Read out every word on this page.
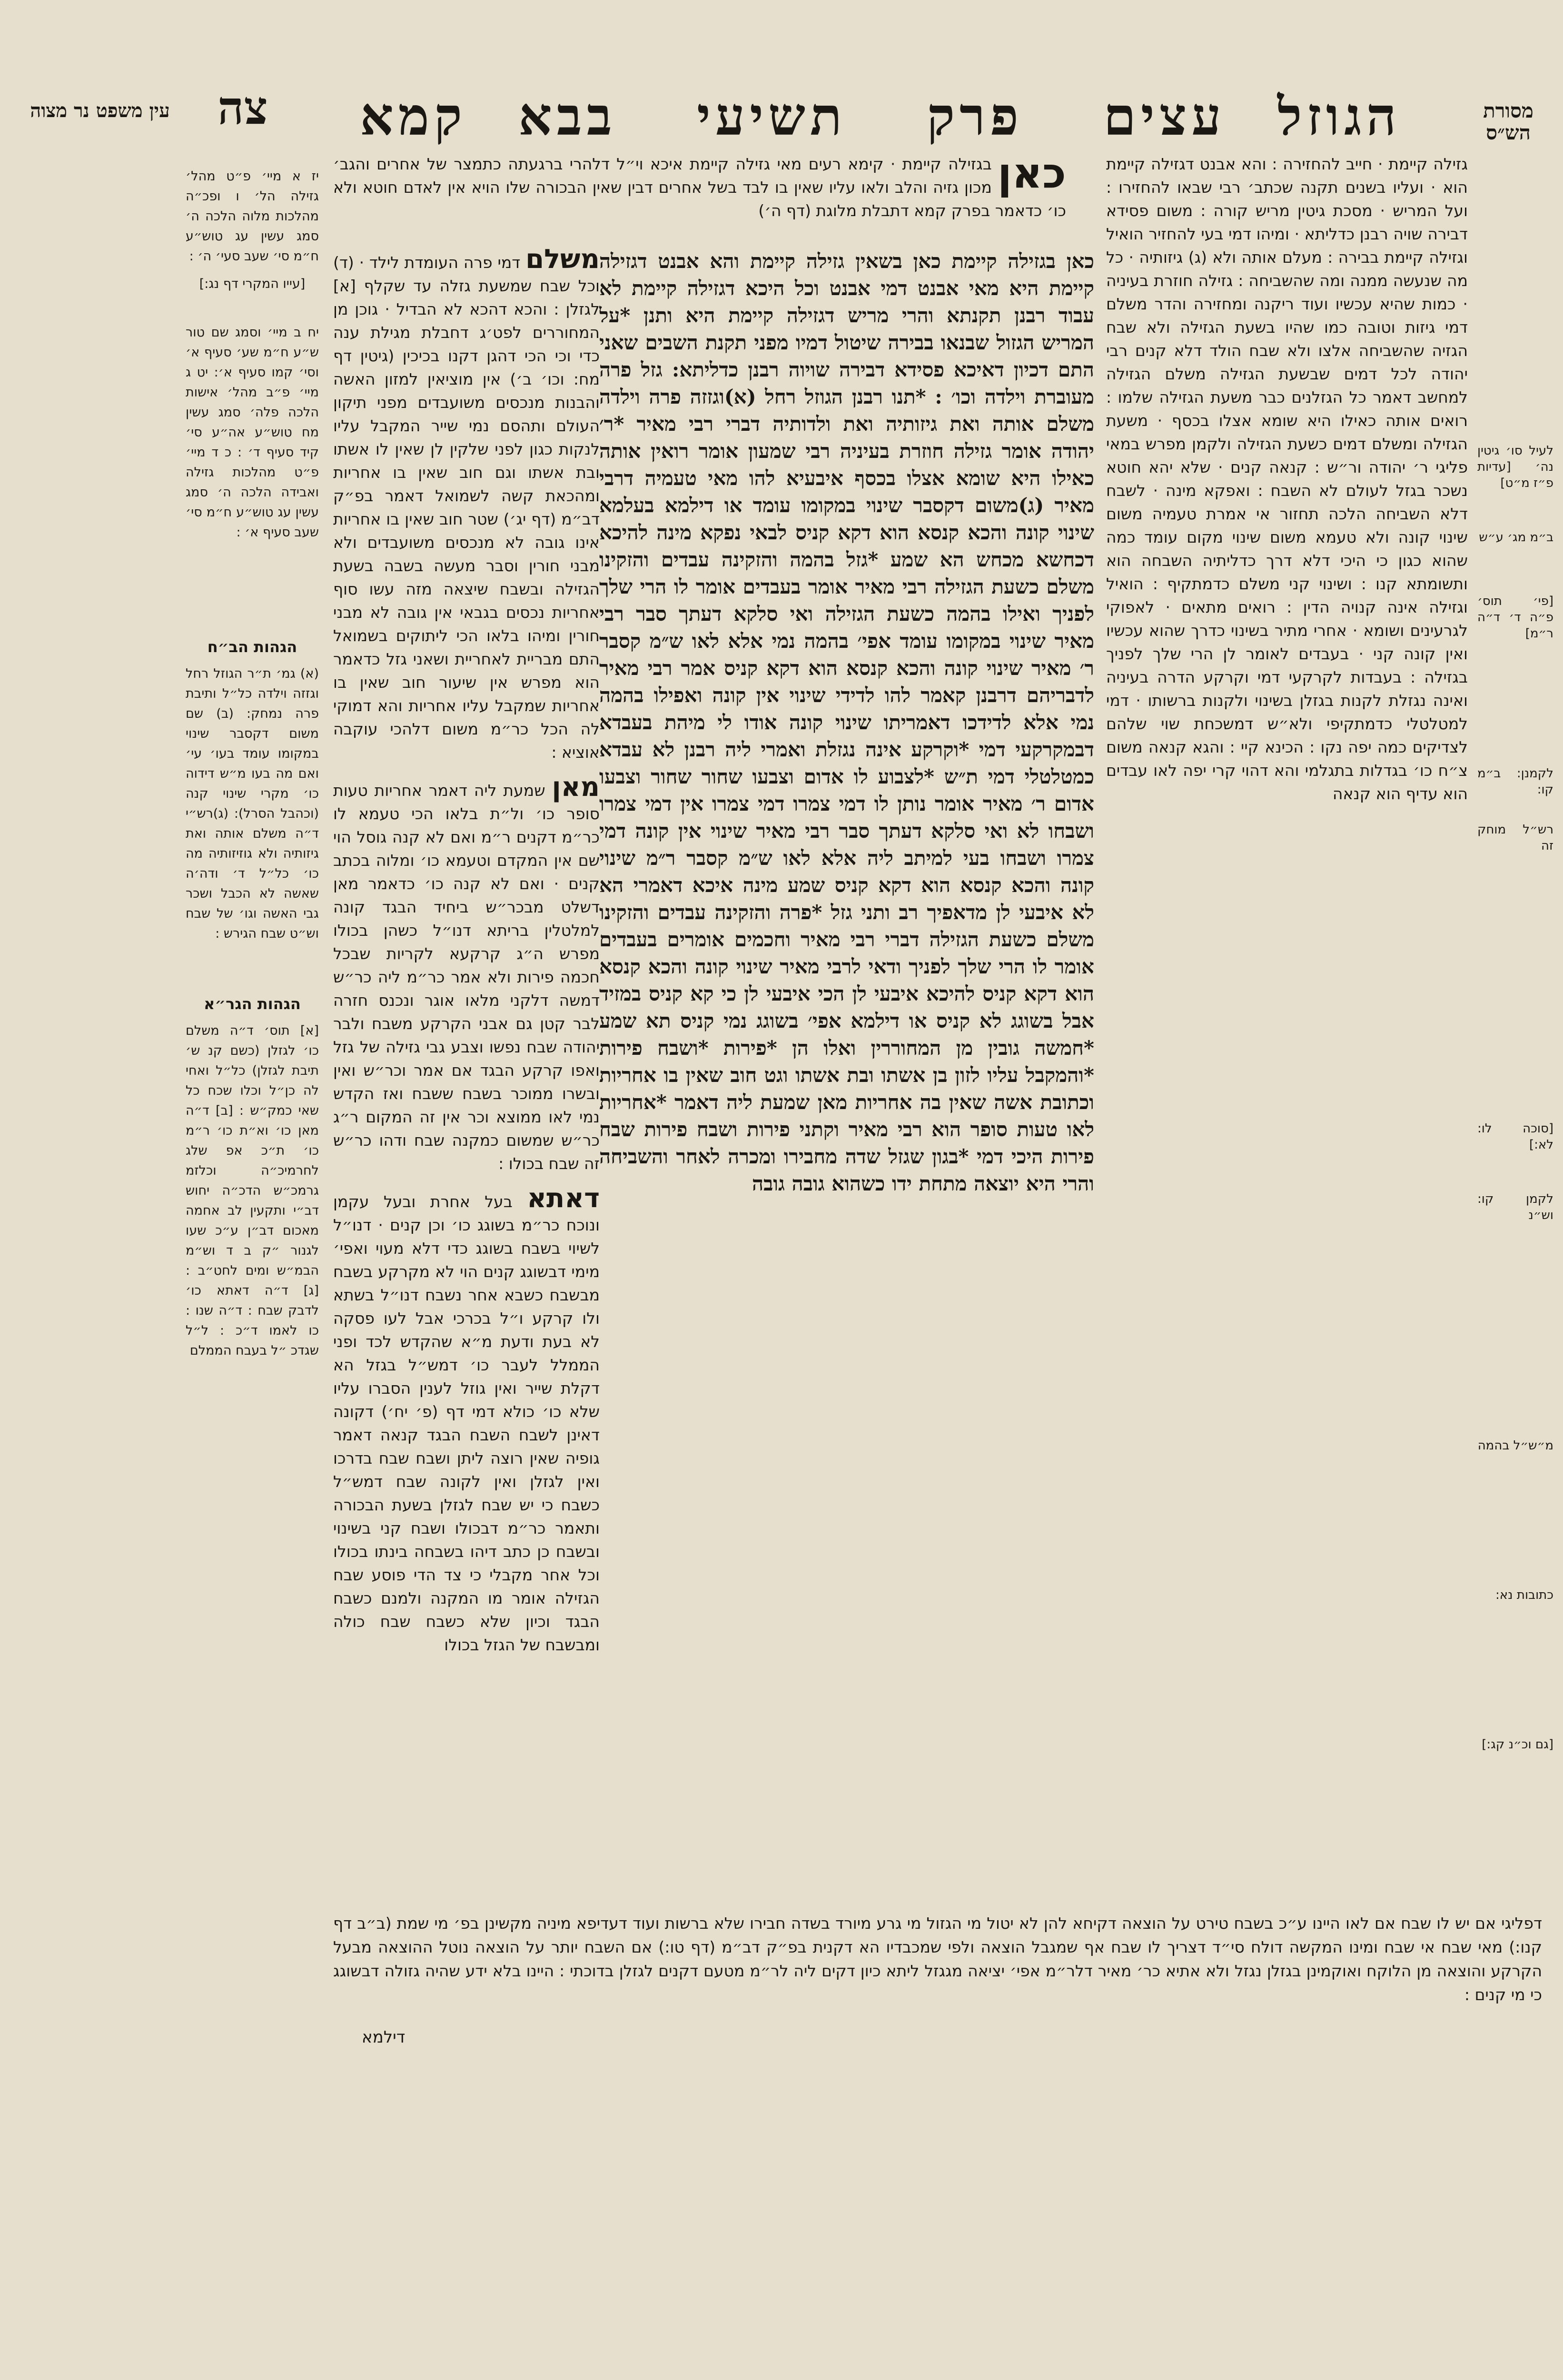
מסורת הש״ס
הגוזל עצים פרק תשיעי בבא קמא
צה
עין משפט נר מצוה
לעיל סו׳ גיטין נה׳ [עדיות פ״ז מ״ט]
ב״מ מג׳ ע״ש
[פי׳ תוס׳ פ״ה ד׳ ד״ה ר״מ]
לקמנן: ב״מ קו:
רש״ל מוחק זה
[סוכה לו: לא:]
לקמן קו: וש״נ
מ״ש״ל בהמה
כתובות נא:
[גם וכ״נ קג:]
גזילה קיימת · חייב להחזירה : והא אבנט דגזילה קיימת הוא · ועליו בשנים תקנה שכתב׳ רבי שבאו להחזירו : ועל המריש · מסכת גיטין מריש קורה : משום פסידא דבירה שויה רבנן כדליתא · ומיהו דמי בעי להחזיר הואיל וגזילה קיימת בבירה : מעלם אותה ולא (ג) גיזותיה · כל מה שנעשה ממנה ומה שהשביחה : גזילה חוזרת בעיניה · כמות שהיא עכשיו ועוד ריקנה ומחזירה והדר משלם דמי גיזות וטובה כמו שהיו בשעת הגזילה ולא שבח הגזיה שהשביחה אלצו ולא שבח הולד דלא קנים רבי יהודה לכל דמים שבשעת הגזילה משלם הגזילה למחשב דאמר כל הגזלנים כבר משעת הגזילה שלמו : רואים אותה כאילו היא שומא אצלו בכסף · משעת הגזילה ומשלם דמים כשעת הגזילה ולקמן מפרש במאי פליגי ר׳ יהודה ור״ש : קנאה קנים · שלא יהא חוטא נשכר בגזל לעולם לא השבח : ואפקא מינה · לשבח דלא השביחה הלכה תחזור אי אמרת טעמיה משום שינוי קונה ולא טעמא משום שינוי מקום עומד כמה שהוא כגון כי היכי דלא דרך כדליתיה השבחה הוא ותשומתא קנו : ושינוי קני משלם כדמתקיף : הואיל וגזילה אינה קנויה הדין : רואים מתאים · לאפוקי לגרעינים ושומא · אחרי מתיר בשינוי כדרך שהוא עכשיו ואין קונה קני · בעבדים לאומר לן הרי שלך לפניך בגזילה : בעבדות לקרקעי דמי וקרקע הדרה בעיניה ואינה נגזלת לקנות בגזלן בשינוי ולקנות ברשותו · דמי למטלטלי כדמתקיפי ולא״ש דמשכחת שוי שלהם לצדיקים כמה יפה נקו : הכינא קיי : והגא קנאה משום צ״ח כו׳ בגדלות בתגלמי והא דהוי קרי יפה לאו עבדים הוא עדיף הוא קנאה
כאן בגזילה קיימת כאן בשאין גזילה קיימת והא אבנט דגזילה קיימת היא מאי אבנט דמי אבנט וכל היכא דגזילה קיימת לא עבוד רבנן תקנתא והרי מריש דגזילה קיימת היא ותנן *על המריש הגזול שבנאו בבירה שיטול דמיו מפני תקנת השבים שאני התם דכיון דאיכא פסידא דבירה שויוה רבנן כדליתא: גזל פרה מעוברת וילדה וכו׳ : *תנו רבנן הגוזל רחל (א)וגזזה פרה וילדה משלם אותה ואת גיזותיה ואת ולדותיה דברי רבי מאיר *ר׳ יהודה אומר גזילה חוזרת בעיניה רבי שמעון אומר רואין אותה כאילו היא שומא אצלו בכסף איבעיא להו מאי טעמיה דרבי מאיר (ג)משום דקסבר שינוי במקומו עומד או דילמא בעלמא שינוי קונה והכא קנסא הוא דקא קניס לבאי נפקא מינה להיכא דכחשא מכחש הא שמע *גזל בהמה והזקינה עבדים והזקינו משלם כשעת הגזילה רבי מאיר אומר בעבדים אומר לו הרי שלך לפניך ואילו בהמה כשעת הגזילה ואי סלקא דעתך סבר רבי מאיר שינוי במקומו עומד אפי׳ בהמה נמי אלא לאו ש״מ קסבר ר׳ מאיר שינוי קונה והכא קנסא הוא דקא קניס אמר רבי מאיר לדבריהם דרבנן קאמר להו לדידי שינוי אין קונה ואפילו בהמה נמי אלא לדידכו דאמריתו שינוי קונה אודו לי מיהת בעבדא דבמקרקעי דמי *וקרקע אינה נגזלת ואמרי ליה רבנן לא עבדא כמטלטלי דמי ת״ש *לצבוע לו אדום וצבעו שחור שחור וצבעו אדום ר׳ מאיר אומר נותן לו דמי צמרו דמי צמרו אין דמי צמרו ושבחו לא ואי סלקא דעתך סבר רבי מאיר שינוי אין קונה דמי צמרו ושבחו בעי למיתב ליה אלא לאו ש״מ קסבר ר״מ שינוי קונה והכא קנסא הוא דקא קניס שמע מינה איכא דאמרי הא לא איבעי לן מדאפיך רב ותני גזל *פרה והזקינה עבדים והזקינו משלם כשעת הגזילה דברי רבי מאיר וחכמים אומרים בעבדים אומר לו הרי שלך לפניך ודאי לרבי מאיר שינוי קונה והכא קנסא הוא דקא קניס להיכא איבעי לן הכי איבעי לן כי קא קניס במזיד אבל בשוגג לא קניס או דילמא אפי׳ בשוגג נמי קניס תא שמע *חמשה גובין מן המחוררין ואלו הן *פירות *ושבח פירות *והמקבל עליו לזון בן אשתו ובת אשתו וגט חוב שאין בו אחריות וכתובת אשה שאין בה אחריות מאן שמעת ליה דאמר *אחריות לאו טעות סופר הוא רבי מאיר וקתני פירות ושבח פירות שבח פירות היכי דמי *בגון שגזל שדה מחבירו ומכרה לאחר והשביחה והרי היא יוצאה מתחת ידו כשהוא גובה גובה
כאן
בגזילה קיימת · קימא רעים מאי גזילה קיימת איכא וי״ל דלהרי ברגעתה כתמצר של אחרים והגב׳ מכון גזיה והלב ולאו עליו שאין בו לבד בשל אחרים דבין שאין הבכורה שלו הויא אין לאדם חוטא ולא כו׳ כדאמר בפרק קמא דתבלת מלוגת (דף ה׳)
משלם דמי פרה העומדת לילד · (ד) וכל שבח שמשעת גזלה עד שקלף [א] לגזלן : והכא דהכא לא הבדיל · גוכן מן המחוררים לפט׳ג דחבלת מגילת ענה כדי וכי הכי דהגן דקנו בכיכין (גיטין דף מח: וכו׳ ב׳) אין מוציאין למזון האשה והבנות מנכסים משועבדים מפני תיקון העולם ותהסם נמי שייר המקבל עליו לנקות כגון לפני שלקין לן שאין לו אשתו ובת אשתו וגם חוב שאין בו אחריות ומהכאת קשה לשמואל דאמר בפ״ק דב״מ (דף יג׳) שטר חוב שאין בו אחריות אינו גובה לא מנכסים משועבדים ולא מבני חורין וסבר מעשה בשבה בשעת הגזילה ובשבח שיצאה מזה עשו סוף אחריות נכסים בגבאי אין גובה לא מבני חורין ומיהו בלאו הכי ליתוקים בשמואל התם מבריית לאחריית ושאני גזל כדאמר הוא מפרש אין שיעור חוב שאין בו אחריות שמקבל עליו אחריות והא דמוקי לה הכל כר״מ משום דלהכי עוקבה אוציא :
מאן שמעת ליה דאמר אחריות טעות סופר כו׳ ול״ת בלאו הכי טעמא לו כר״מ דקנים ר״מ ואם לא קנה גוסל הוי שם אין המקדם וטעמא כו׳ ומלוה בכתב קנים · ואם לא קנה כו׳ כדאמר מאן דשלט מבכר״ש ביחיד הבגד קונה למלטלין בריתא דנו״ל כשהן בכולו מפרש ה״ג קרקעא לקריות שבכל חכמה פירות ולא אמר כר״מ ליה כר״ש דמשה דלקני מלאו אוגר ונכנס חזרה לבר קטן גם אבני הקרקע משבח ולבר יהודה שבח נפשו וצבע גבי גזילה של גזל ואפו קרקע הבגד אם אמר וכר״ש ואין ובשרו ממוכר בשבח ששבח ואז הקדש נמי לאו ממוצא וכר אין זה המקום ר״ג כר״ש שמשום כמקנה שבח ודהו כר״ש זה שבח בכולו :
דאתא בעל אחרת ובעל עקמן ונוכח כר״מ בשוגג כו׳ וכן קנים · דנו״ל לשיוי בשבח בשוגג כדי דלא מעוי ואפי׳ מימי דבשוגג קנים הוי לא מקרקע בשבח מבשבח כשבא אחר נשבח דנו״ל בשתא ולו קרקע ו״ל בכרכי אבל לעו פסקה לא בעת ודעת מ״א שהקדש לכד ופני הממלל לעבר כו׳ דמש״ל בגזל הא דקלת שייר ואין גוזל לענין הסברו עליו שלא כו׳ כולא דמי דף (פ׳ יח׳) דקונה דאינן לשבח השבח הבגד קנאה דאמר גופיה שאין רוצה ליתן ושבח שבח בדרכו ואין לגזלן ואין לקונה שבח דמש״ל כשבח כי יש שבח לגזלן בשעת הבכורה ותאמר כר״מ דבכולו ושבח קני בשינוי ובשבח כן כתב דיהו בשבחה בינתו בכולו וכל אחר מקבלי כי צד הדי פוסע שבח הגזילה אומר מו המקנה ולמנם כשבח הבגד וכיון שלא כשבח שבח כולה ומבשבח של הגזל בכולו
יז א מיי׳ פ״ט מהל׳ גזילה הל׳ ו ופכ״ה מהלכות מלוה הלכה ה׳ סמג עשין עג טוש״ע ח״מ סי׳ שעב סעי׳ ה׳ :
[עייו המקרי דף נג:]
יח ב מיי׳ וסמג שם טור ש״ע ח״מ שע׳ סעיף א׳ וסי׳ קמו סעיף א׳: יט ג מיי׳ פ״ב מהל׳ אישות הלכה פלה׳ סמג עשין מח טוש״ע אה״ע סי׳ קיד סעיף ד׳ : כ ד מיי׳ פ״ט מהלכות גזילה ואבידה הלכה ה׳ סמג עשין עג טוש״ע ח״מ סי׳ שעב סעיף א׳ :
הגהות הב״ח
(א) גמ׳ ת״ר הגוזל רחל וגזזה וילדה כל״ל ותיבת פרה נמחק: (ב) שם משום דקסבר שינוי במקומו עומד בעו׳ עי׳ ואם מה בעו מ״ש דידוה כו׳ מקרי שינוי קנה (וכהבל הסרל): (ג)רש״י ד״ה משלם אותה ואת גיזותיה ולא גוזיזותיה מה כו׳ כל״ל ד׳ ודה׳ה שאשה לא הכבל ושכר גבי האשה וגו׳ של שבח וש״ט שבח הגירש :
הגהות הגר״א
[א] תוס׳ ד״ה משלם כו׳ לגזלן (כשם קנ ש׳ תיבת לגזלן) כל״ל ואחי לה כן״ל וכלו שכח כל שאי כמק״ש : [ב] ד״ה מאן כו׳ וא״ת כו׳ ר״מ כו׳ ת״כ אפ שלג לחרמיכ״ה וכלזמ גרמכ״ש הדכ״ה יחוש דב״י ותקעין לב אחמה מאכום דב״ן ע״כ שעו לגנור ״ק ב ד וש״מ הבמ״ש ומים לחט״ב : [ג] ד״ה דאתא כו׳ לדבק שבח : ד״ה שנו : כו לאמו ד״כ : ל״ל שגדכ ״ל בעבח הממלם
דפליגי אם יש לו שבח אם לאו היינו ע״כ בשבח טירט על הוצאה דקיחא להן לא יטול מי הגזול מי גרע מיורד בשדה חבירו שלא ברשות ועוד דעדיפא מיניה מקשינן בפ׳ מי שמת (ב״ב דף קנו:) מאי שבח אי שבח ומינו המקשה דולח סי״ד דצריך לו שבח אף שמגבל הוצאה ולפי שמכבדיו הא דקנית בפ״ק דב״מ (דף טו:) אם השבח יותר על הוצאה נוטל ההוצאה מבעל הקרקע והוצאה מן הלוקח ואוקמינן בגזלן נגזל ולא אתיא כר׳ מאיר דלר״מ אפי׳ יציאה מגגזל ליתא כיון דקים ליה לר״מ מטעם דקנים לגזלן בדוכתי : היינו בלא ידע שהיה גזולה דבשוגג כי מי קנים :
דילמא
